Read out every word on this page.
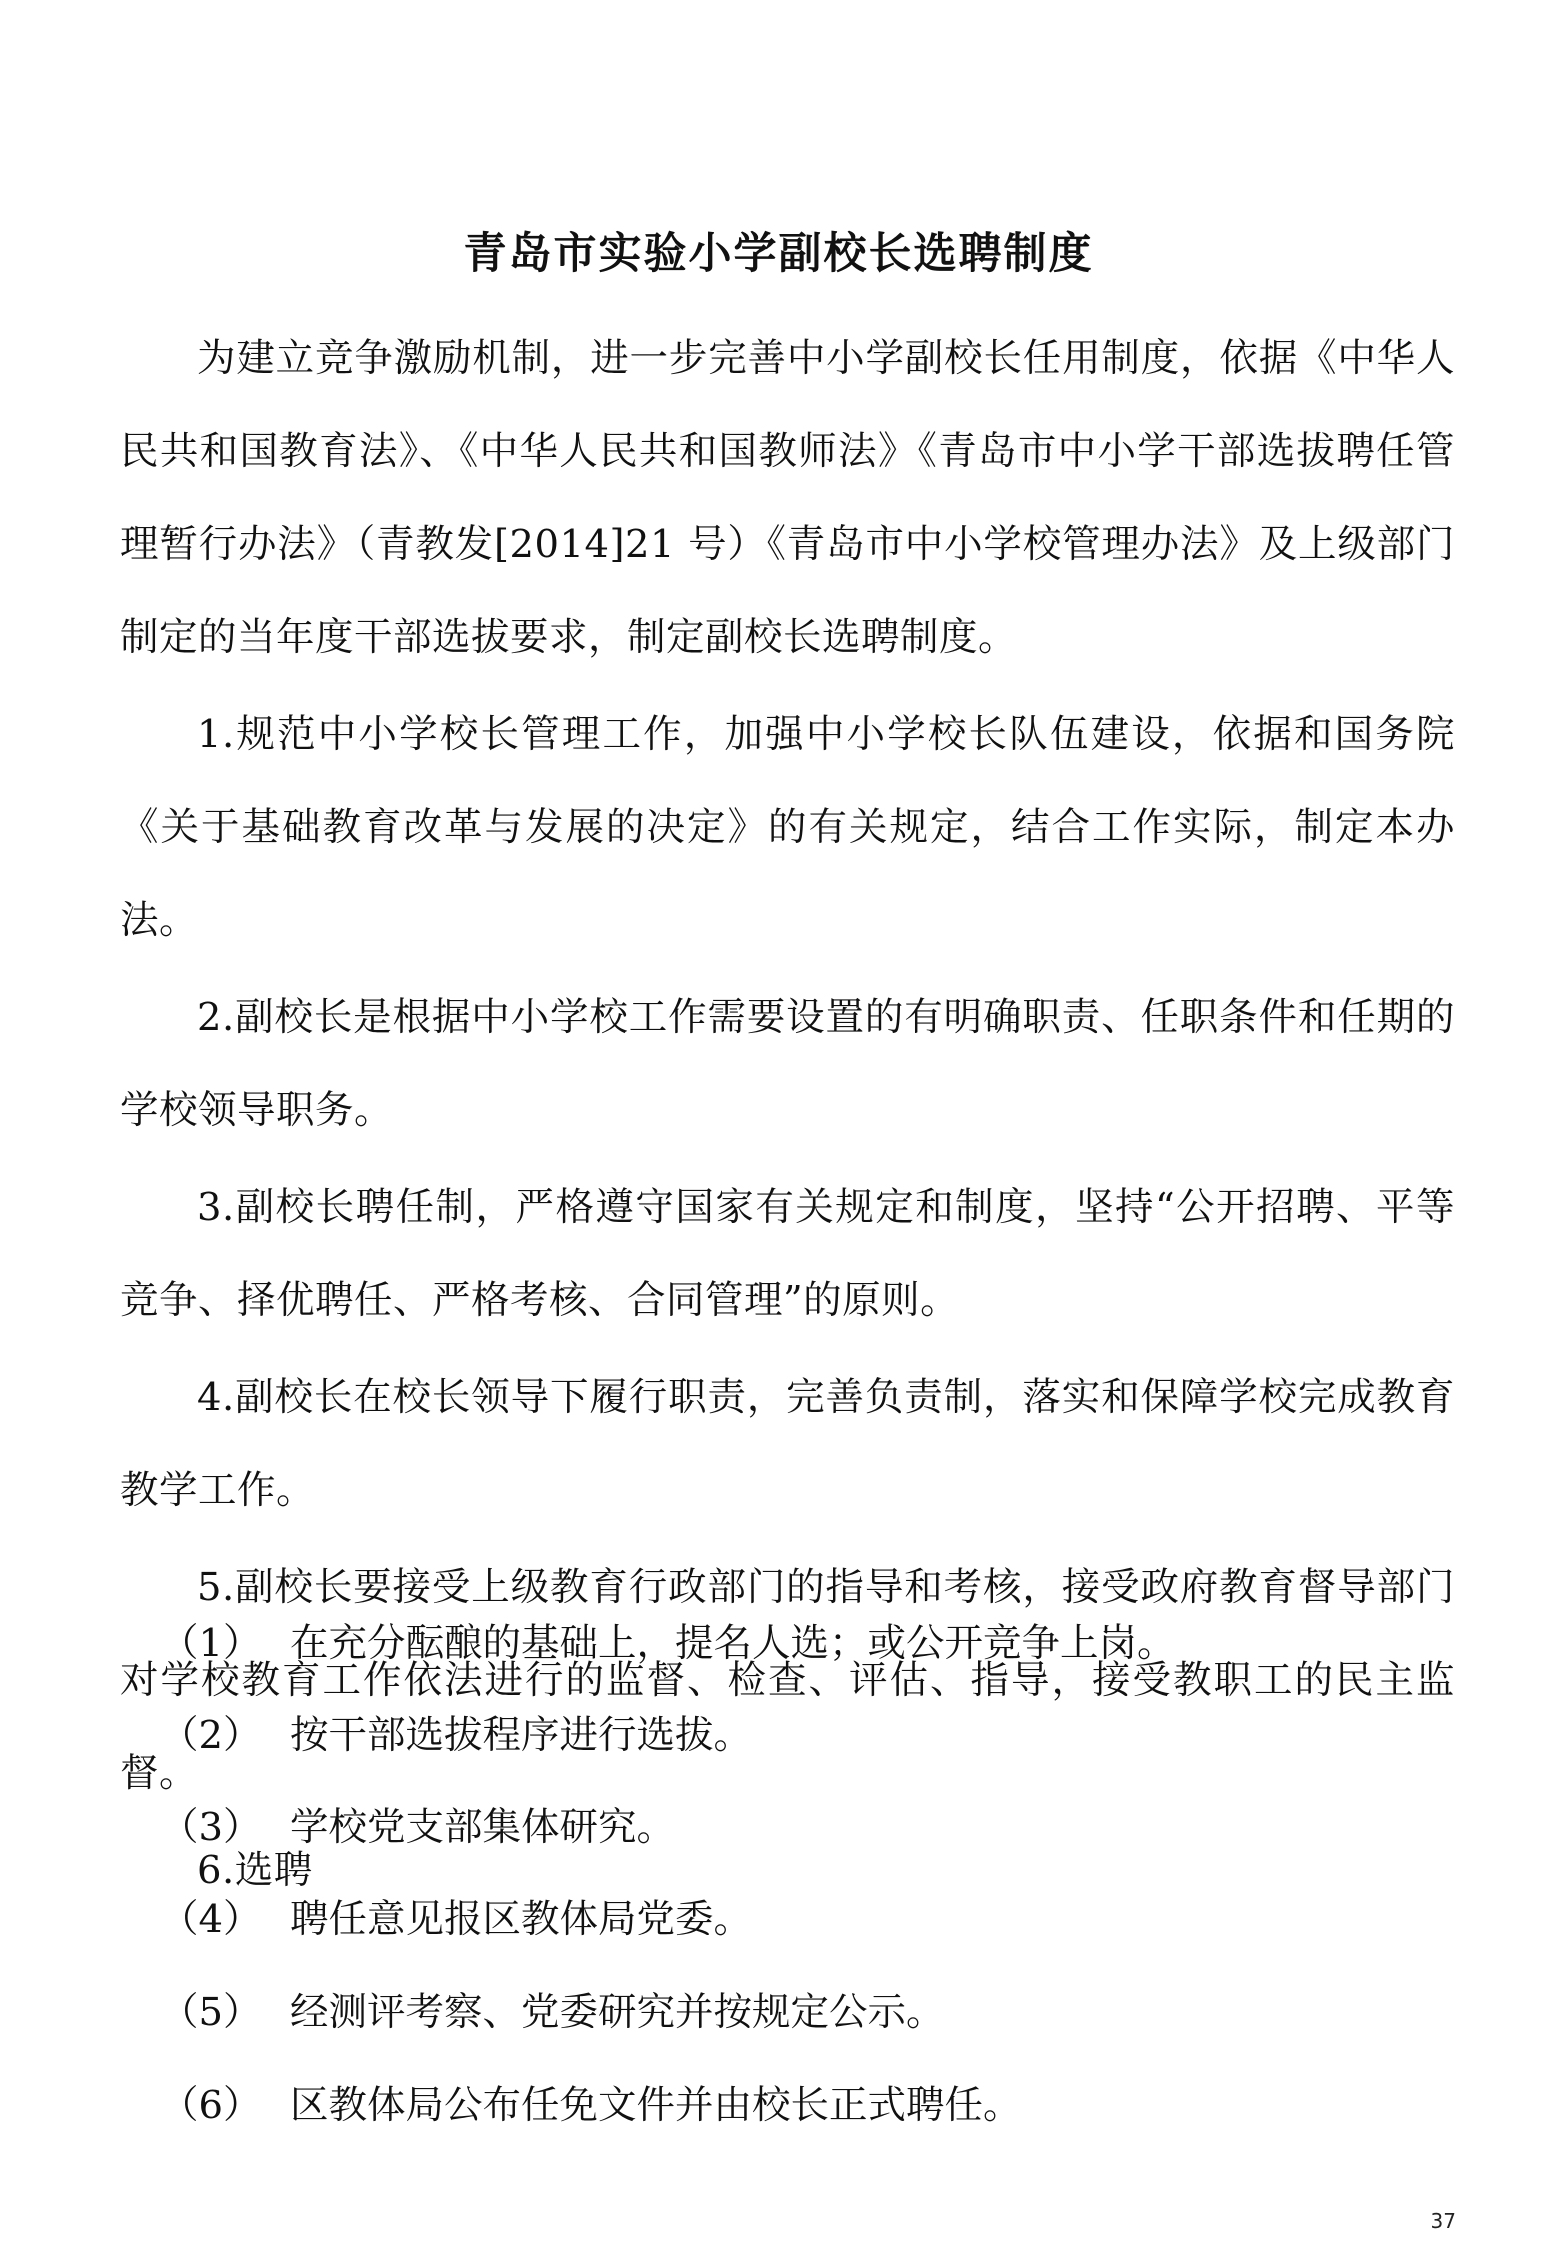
青岛市实验小学副校长选聘制度

为建立竞争激励机制，进一步完善中小学副校长任用制度，依据《中华人民共和国教育法》、《中华人民共和国教师法》《青岛市中小学干部选拔聘任管理暂行办法》（青教发[2014]21 号）《青岛市中小学校管理办法》及上级部门制定的当年度干部选拔要求，制定副校长选聘制度。

1.规范中小学校长管理工作，加强中小学校长队伍建设，依据和国务院《关于基础教育改革与发展的决定》的有关规定，结合工作实际，制定本办法。

2.副校长是根据中小学校工作需要设置的有明确职责、任职条件和任期的学校领导职务。

3.副校长聘任制，严格遵守国家有关规定和制度，坚持“公开招聘、平等竞争、择优聘任、严格考核、合同管理”的原则。

4.副校长在校长领导下履行职责，完善负责制，落实和保障学校完成教育教学工作。

5.副校长要接受上级教育行政部门的指导和考核，接受政府教育督导部门对学校教育工作依法进行的监督、检查、评估、指导，接受教职工的民主监督。

6.选聘

（1） 在充分酝酿的基础上，提名人选；或公开竞争上岗。
（2） 按干部选拔程序进行选拔。
（3） 学校党支部集体研究。
（4） 聘任意见报区教体局党委。
（5） 经测评考察、党委研究并按规定公示。
（6） 区教体局公布任免文件并由校长正式聘任。
37
